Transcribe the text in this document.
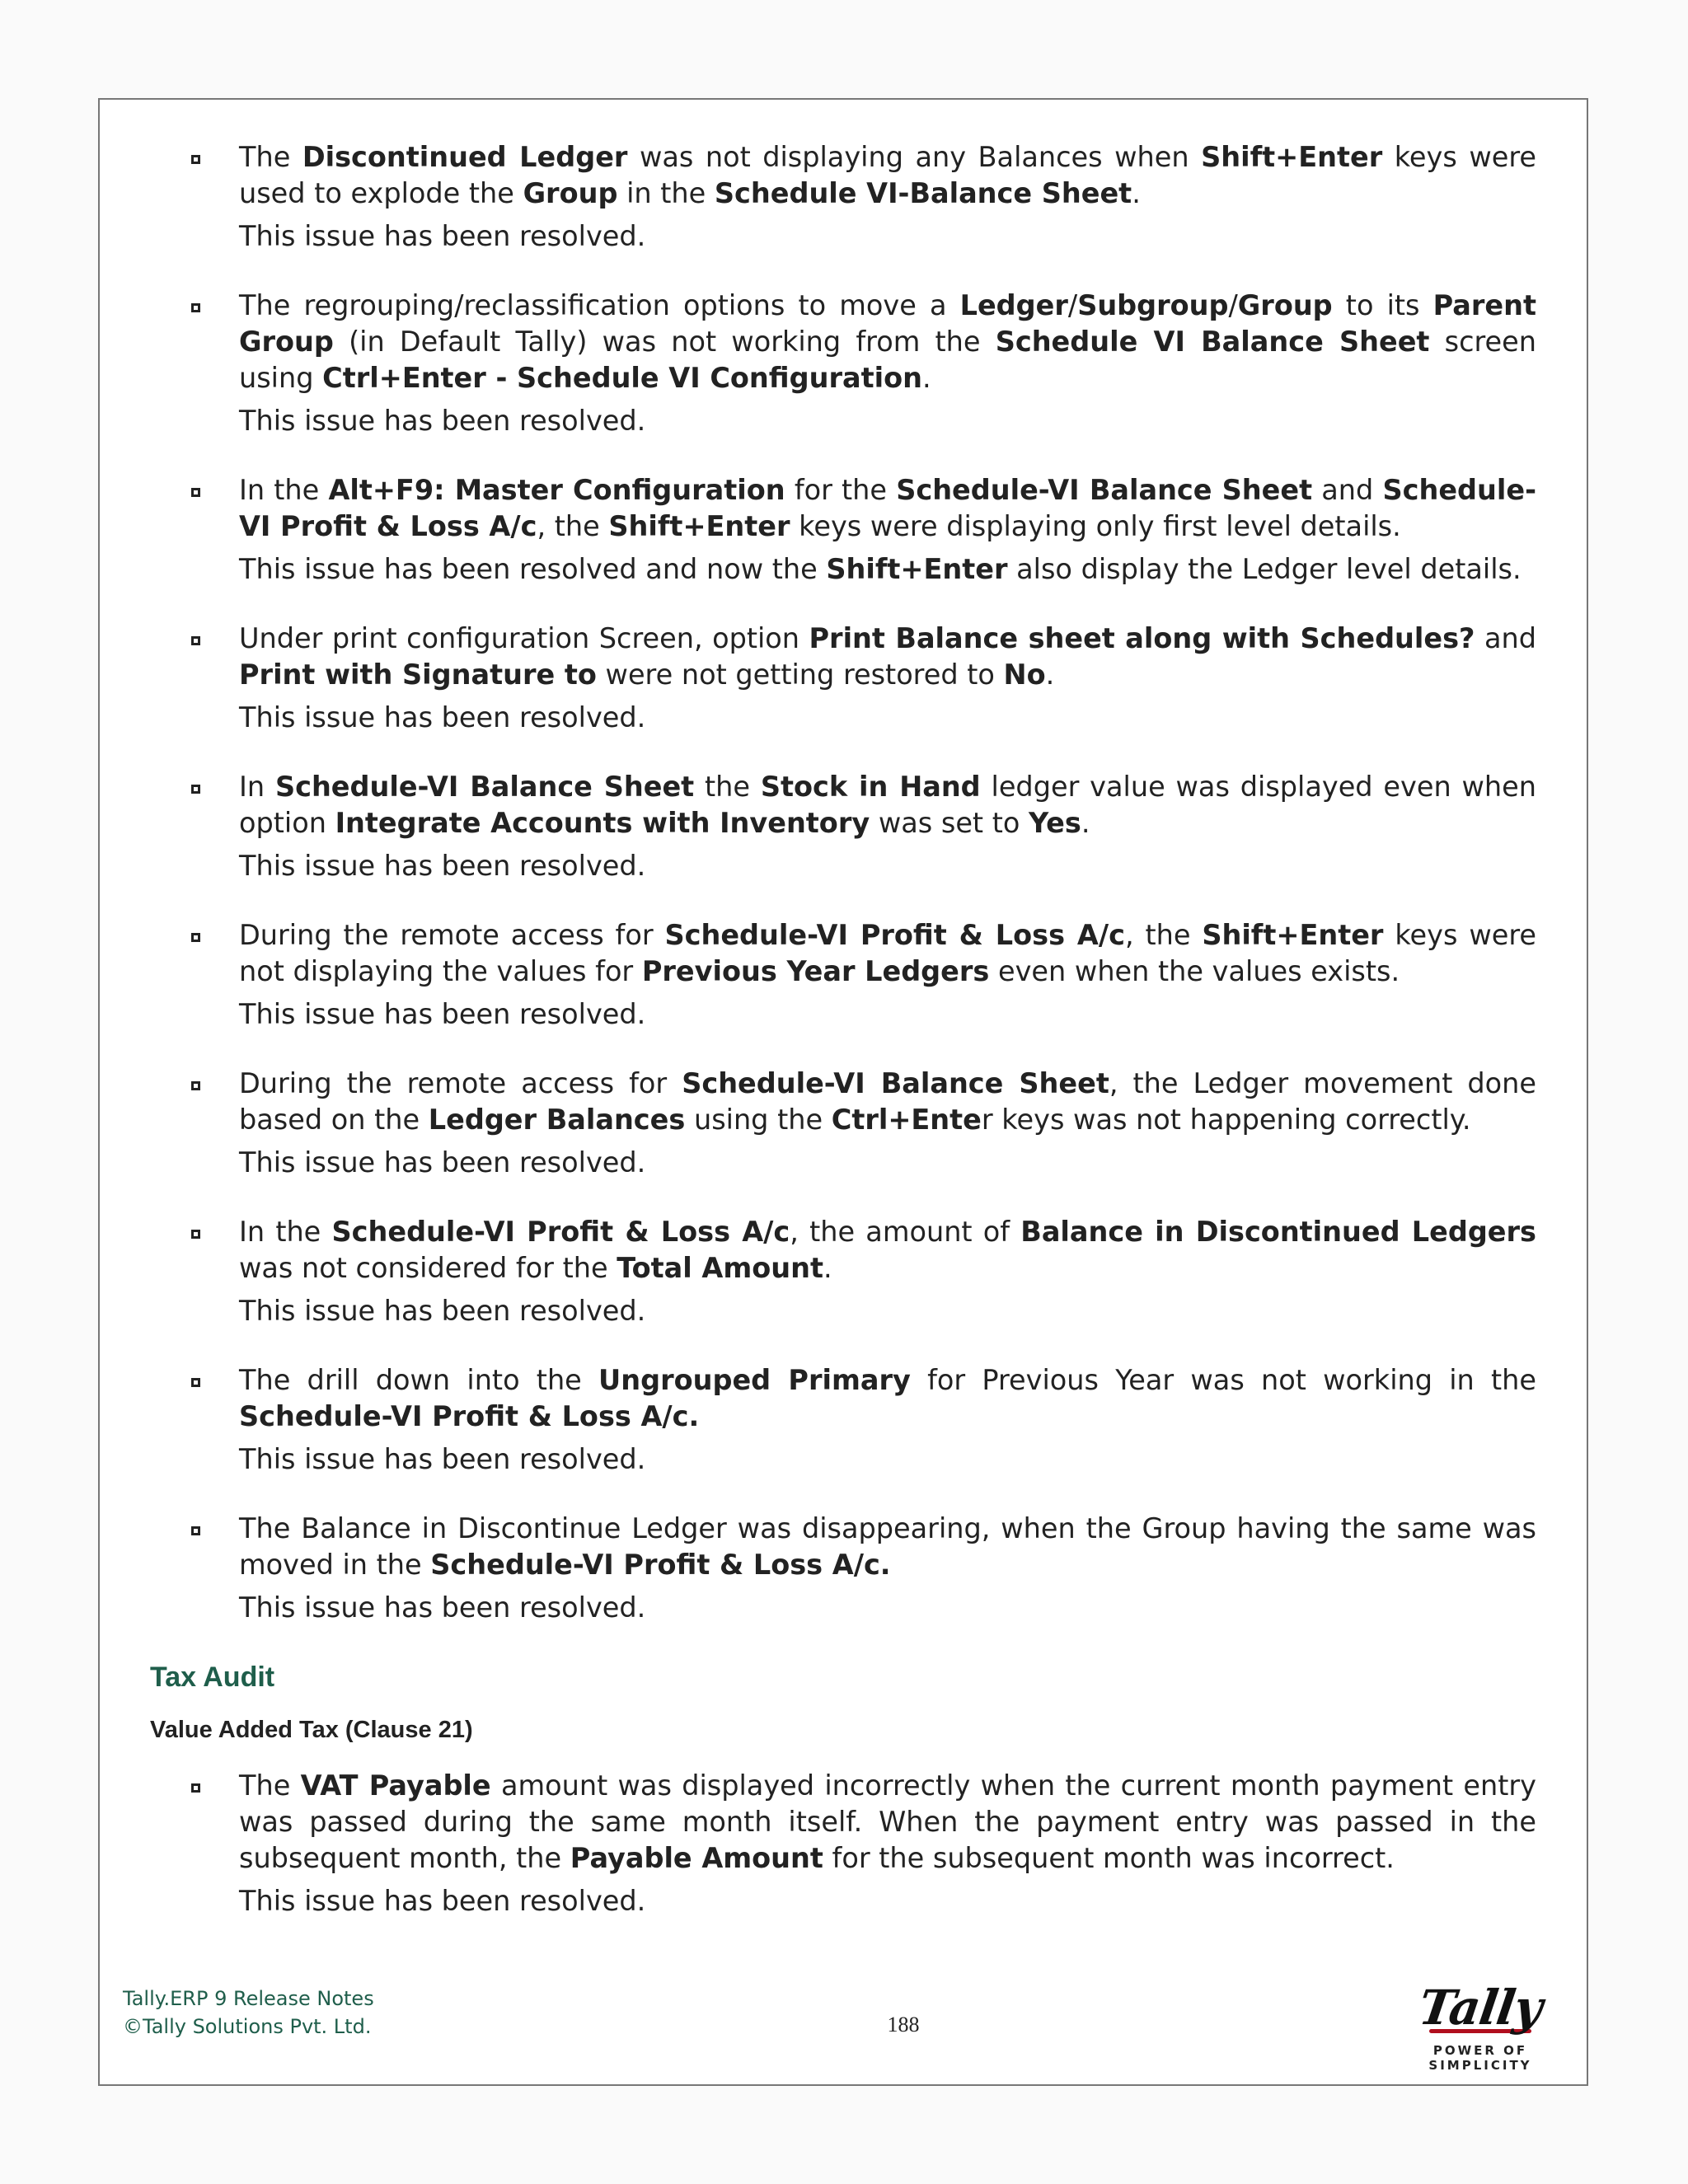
The Discontinued Ledger was not displaying any Balances when Shift+Enter keys were used to explode the Group in the Schedule VI-Balance Sheet.

This issue has been resolved.

The regrouping/reclassification options to move a Ledger/Subgroup/Group to its Parent Group (in Default Tally) was not working from the Schedule VI Balance Sheet screen using Ctrl+Enter - Schedule VI Configuration.

This issue has been resolved.

In the Alt+F9: Master Configuration for the Schedule-VI Balance Sheet and Schedule-VI Profit & Loss A/c, the Shift+Enter keys were displaying only first level details.

This issue has been resolved and now the Shift+Enter also display the Ledger level details.

Under print configuration Screen, option Print Balance sheet along with Schedules? and Print with Signature to were not getting restored to No.

This issue has been resolved.

In Schedule-VI Balance Sheet the Stock in Hand ledger value was displayed even when option Integrate Accounts with Inventory was set to Yes.

This issue has been resolved.

During the remote access for Schedule-VI Profit & Loss A/c, the Shift+Enter keys were not displaying the values for Previous Year Ledgers even when the values exists.

This issue has been resolved.

During the remote access for Schedule-VI Balance Sheet, the Ledger movement done based on the Ledger Balances using the Ctrl+Enter keys was not happening correctly.

This issue has been resolved.

In the Schedule-VI Profit & Loss A/c, the amount of Balance in Discontinued Ledgers was not considered for the Total Amount.

This issue has been resolved.

The drill down into the Ungrouped Primary for Previous Year was not working in the Schedule-VI Profit & Loss A/c.

This issue has been resolved.

The Balance in Discontinue Ledger was disappearing, when the Group having the same was moved in the Schedule-VI Profit & Loss A/c.

This issue has been resolved.

Tax Audit
Value Added Tax (Clause 21)

The VAT Payable amount was displayed incorrectly when the current month payment entry was passed during the same month itself. When the payment entry was passed in the subsequent month, the Payable Amount for the subsequent month was incorrect.

This issue has been resolved.

Tally.ERP 9 Release Notes
©Tally Solutions Pvt. Ltd.	188	Tally
POWER OF SIMPLICITY
